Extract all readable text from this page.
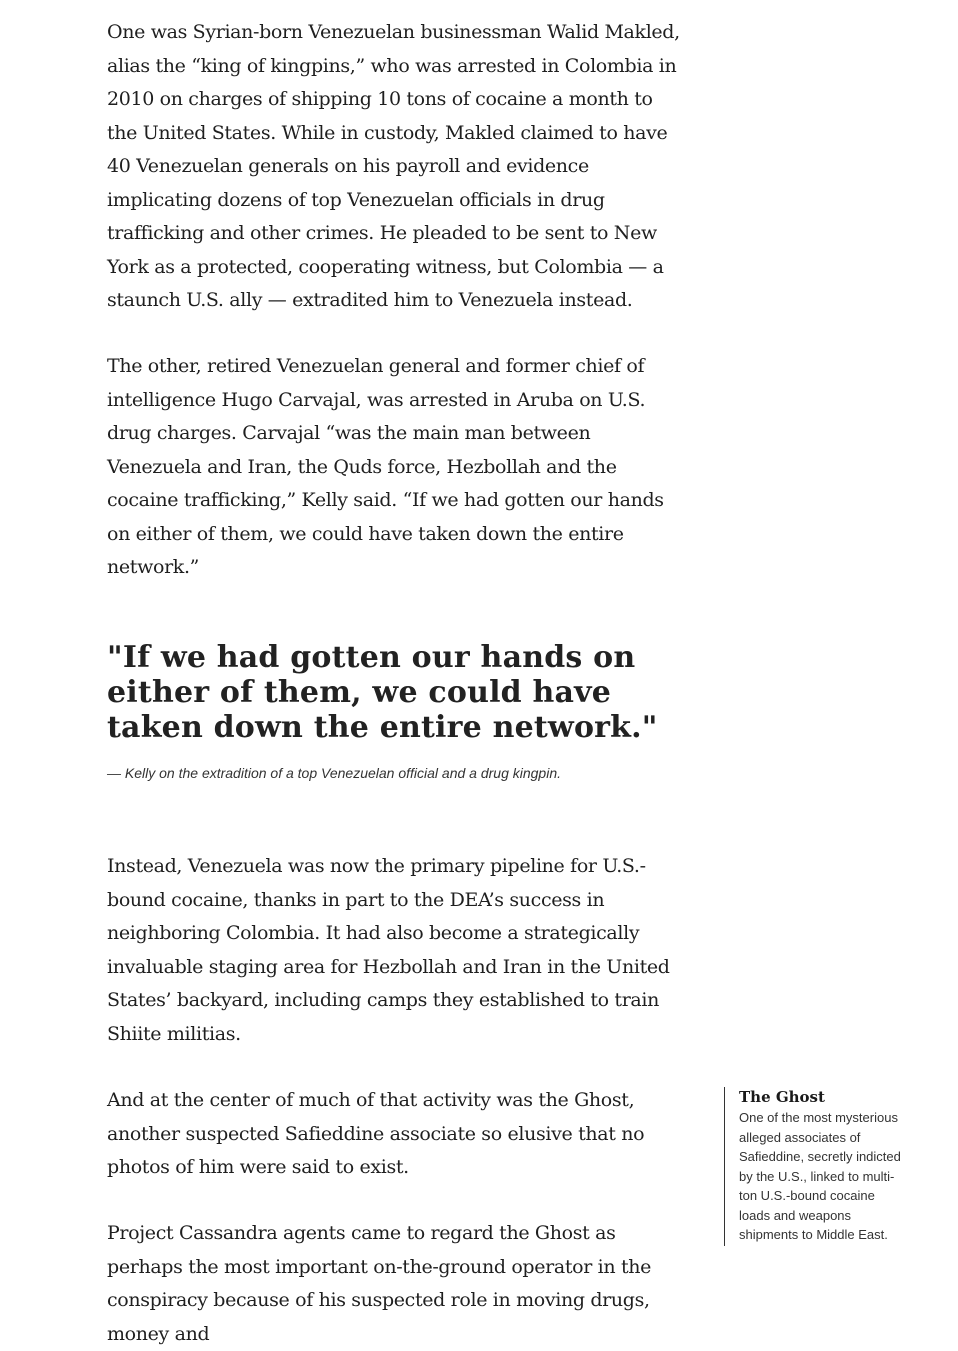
One was Syrian-born Venezuelan businessman Walid Makled, alias the “king of kingpins,” who was arrested in Colombia in 2010 on charges of shipping 10 tons of cocaine a month to the United States. While in custody, Makled claimed to have 40 Venezuelan generals on his payroll and evidence implicating dozens of top Venezuelan officials in drug trafficking and other crimes. He pleaded to be sent to New York as a protected, cooperating witness, but Colombia — a staunch U.S. ally — extradited him to Venezuela instead.

The other, retired Venezuelan general and former chief of intelligence Hugo Carvajal, was arrested in Aruba on U.S. drug charges. Carvajal “was the main man between Venezuela and Iran, the Quds force, Hezbollah and the cocaine trafficking,” Kelly said. “If we had gotten our hands on either of them, we could have taken down the entire network.”

"If we had gotten our hands on either of them, we could have taken down the entire network."

— Kelly on the extradition of a top Venezuelan official and a drug kingpin.

Instead, Venezuela was now the primary pipeline for U.S.-bound cocaine, thanks in part to the DEA’s success in neighboring Colombia. It had also become a strategically invaluable staging area for Hezbollah and Iran in the United States’ backyard, including camps they established to train Shiite militias.

And at the center of much of that activity was the Ghost, another suspected Safieddine associate so elusive that no photos of him were said to exist.

Project Cassandra agents came to regard the Ghost as perhaps the most important on-the-ground operator in the conspiracy because of his suspected role in moving drugs, money and

The Ghost

One of the most mysterious alleged associates of Safieddine, secretly indicted by the U.S., linked to multi-ton U.S.-bound cocaine loads and weapons shipments to Middle East.
